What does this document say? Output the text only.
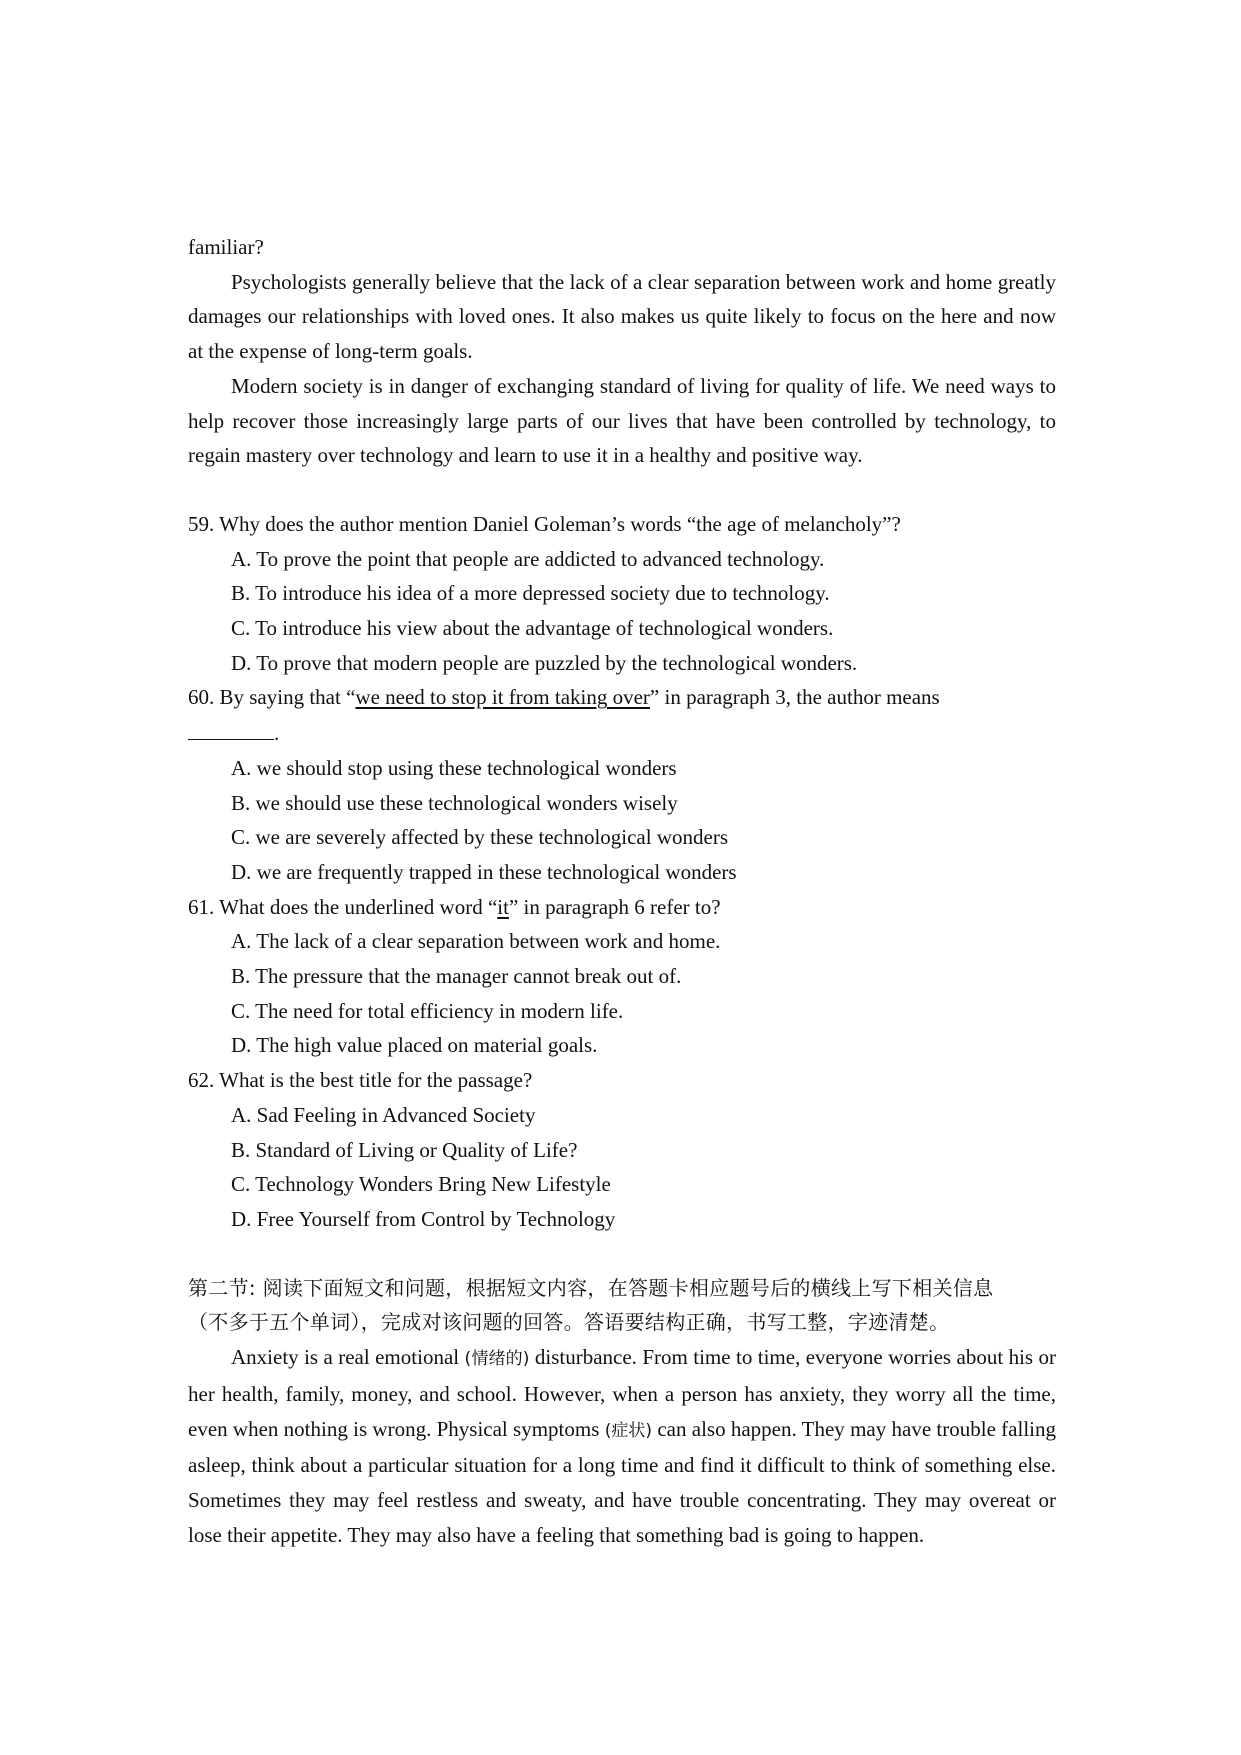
familiar?

Psychologists generally believe that the lack of a clear separation between work and home greatly damages our relationships with loved ones. It also makes us quite likely to focus on the here and now at the expense of long-term goals.

Modern society is in danger of exchanging standard of living for quality of life. We need ways to help recover those increasingly large parts of our lives that have been controlled by technology, to regain mastery over technology and learn to use it in a healthy and positive way.

59. Why does the author mention Daniel Goleman’s words “the age of melancholy”?

A. To prove the point that people are addicted to advanced technology.

B. To introduce his idea of a more depressed society due to technology.

C. To introduce his view about the advantage of technological wonders.

D. To prove that modern people are puzzled by the technological wonders.

60. By saying that “we need to stop it from taking over” in paragraph 3, the author means

.

A. we should stop using these technological wonders

B. we should use these technological wonders wisely

C. we are severely affected by these technological wonders

D. we are frequently trapped in these technological wonders

61. What does the underlined word “it” in paragraph 6 refer to?

A. The lack of a clear separation between work and home.

B. The pressure that the manager cannot break out of.

C. The need for total efficiency in modern life.

D. The high value placed on material goals.

62. What is the best title for the passage?

A. Sad Feeling in Advanced Society

B. Standard of Living or Quality of Life?

C. Technology Wonders Bring New Lifestyle

D. Free Yourself from Control by Technology

第二节: 阅读下面短文和问题，根据短文内容，在答题卡相应题号后的横线上写下相关信息

（不多于五个单词），完成对该问题的回答。答语要结构正确，书写工整，字迹清楚。

Anxiety is a real emotional (情绪的) disturbance. From time to time, everyone worries about his or her health, family, money, and school. However, when a person has anxiety, they worry all the time, even when nothing is wrong. Physical symptoms (症状) can also happen. They may have trouble falling asleep, think about a particular situation for a long time and find it difficult to think of something else. Sometimes they may feel restless and sweaty, and have trouble concentrating. They may overeat or lose their appetite. They may also have a feeling that something bad is going to happen.
